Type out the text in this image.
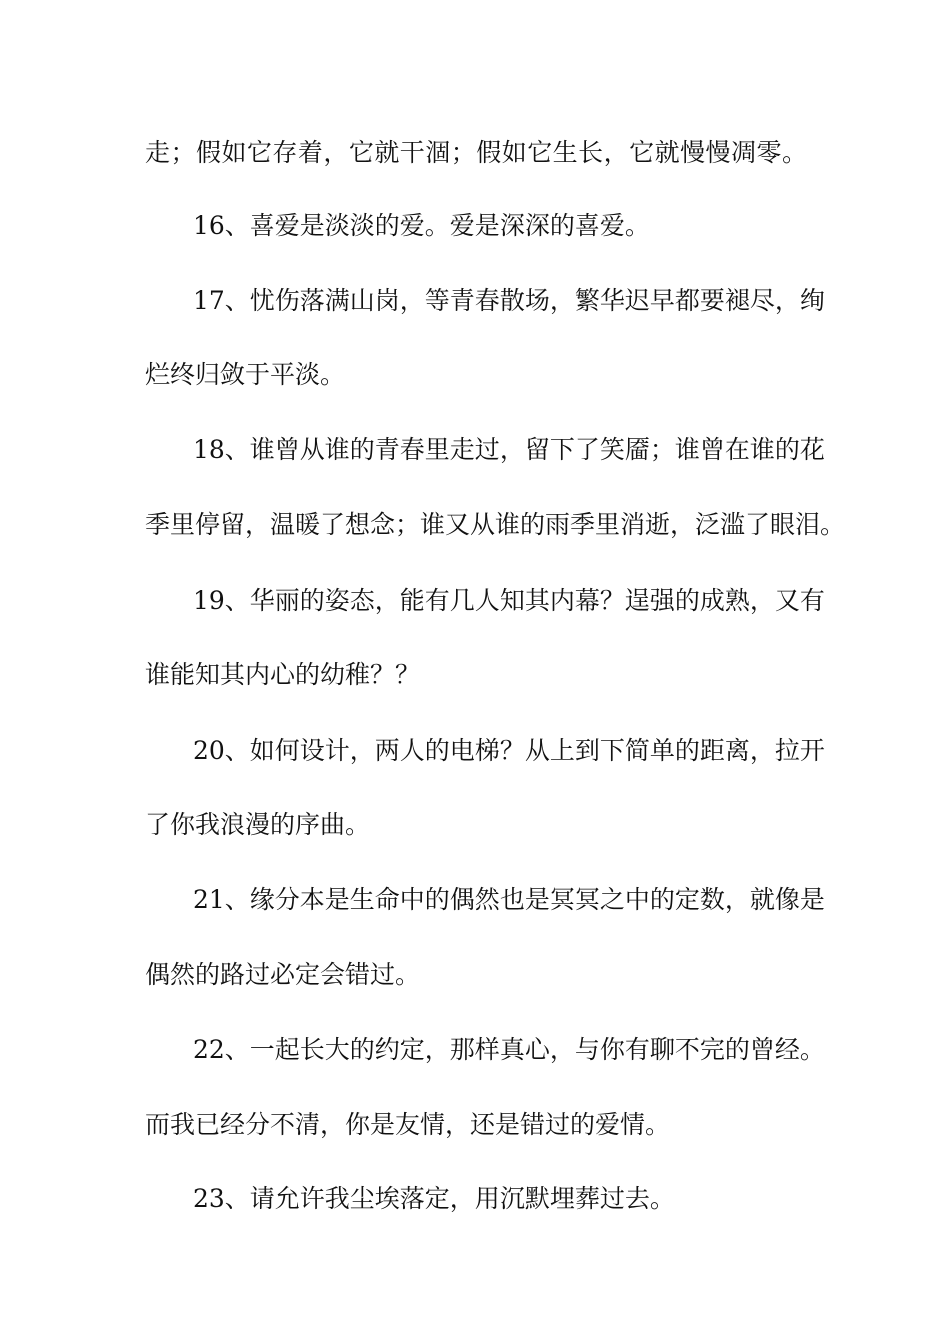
走；假如它存着，它就干涸；假如它生长，它就慢慢凋零。
16、喜爱是淡淡的爱。爱是深深的喜爱。
17、忧伤落满山岗，等青春散场，繁华迟早都要褪尽，绚
烂终归敛于平淡。
18、谁曾从谁的青春里走过，留下了笑靥；谁曾在谁的花
季里停留，温暖了想念；谁又从谁的雨季里消逝，泛滥了眼泪。
19、华丽的姿态，能有几人知其内幕？逞强的成熟，又有
谁能知其内心的幼稚？？
20、如何设计，两人的电梯？从上到下简单的距离，拉开
了你我浪漫的序曲。
21、缘分本是生命中的偶然也是冥冥之中的定数，就像是
偶然的路过必定会错过。
22、一起长大的约定，那样真心，与你有聊不完的曾经。
而我已经分不清，你是友情，还是错过的爱情。
23、请允许我尘埃落定，用沉默埋葬过去。
